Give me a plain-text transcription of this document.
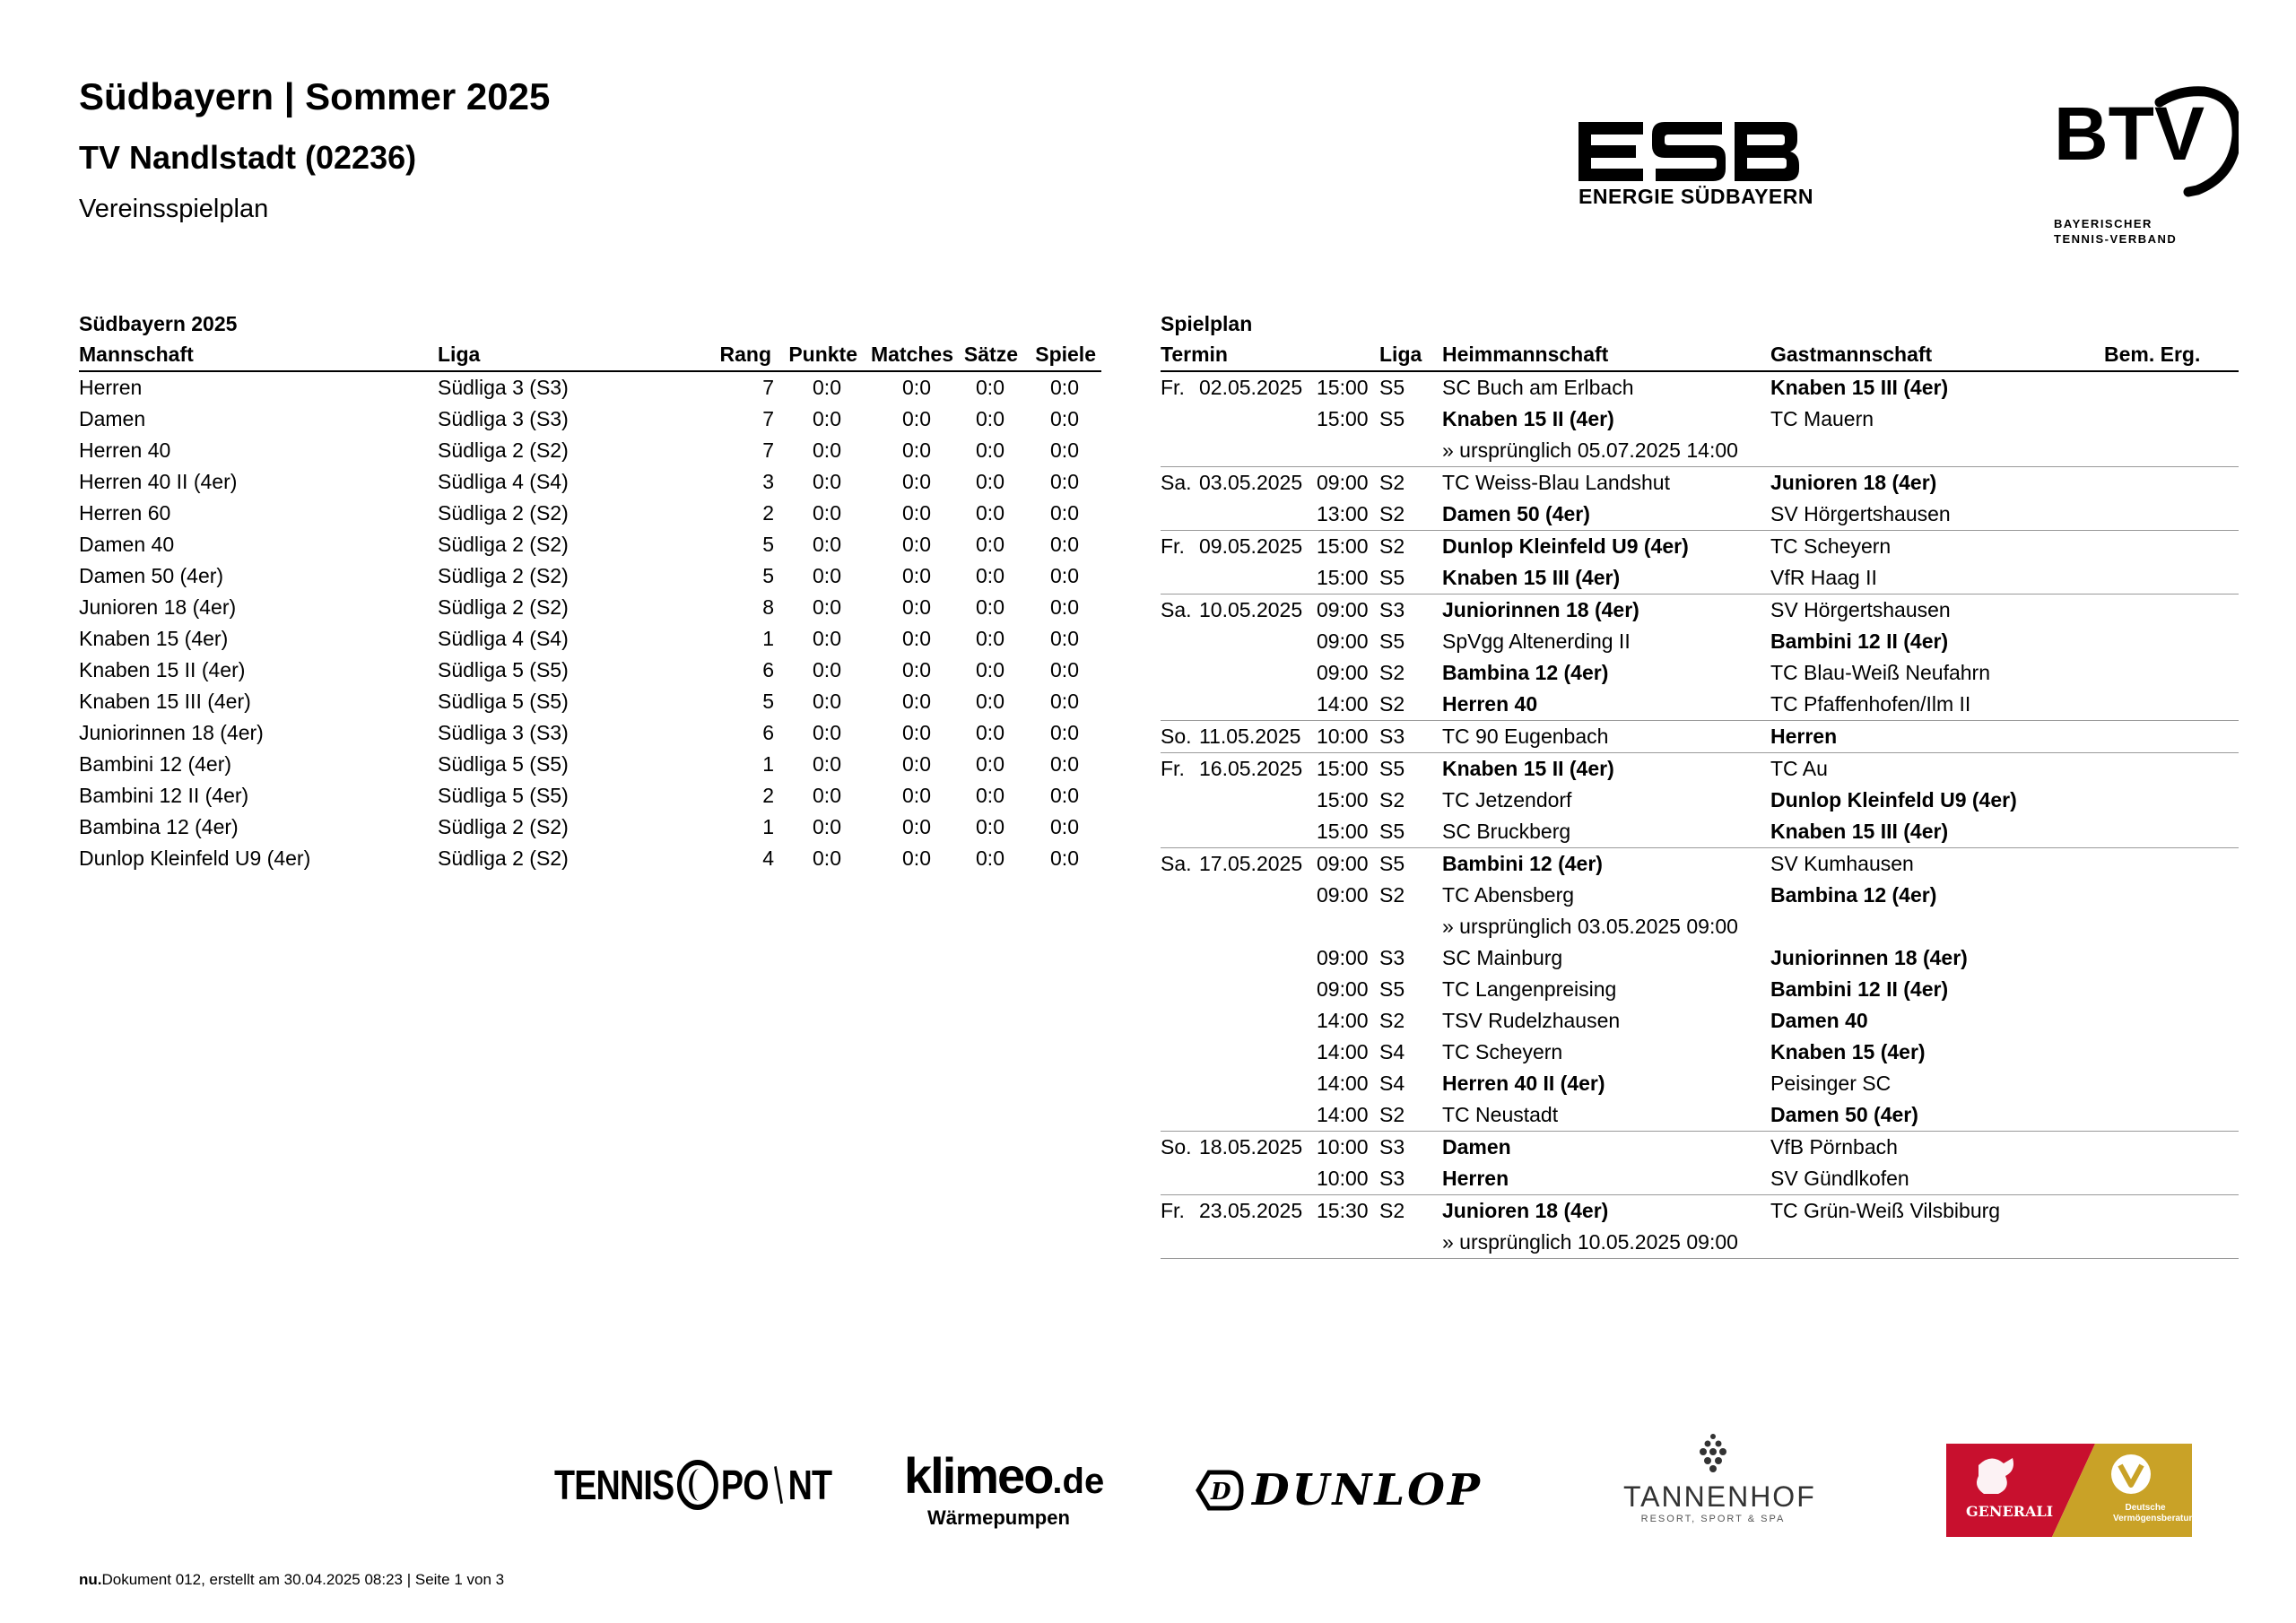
Südbayern | Sommer 2025
TV Nandlstadt (02236)
Vereinsspielplan	ENERGIE SÜDBAYERN
BTV
BAYERISCHER
TENNIS-VERBAND
Südbayern 2025
Mannschaft	Liga	Rang Punkte Matches Sätze Spiele
Herren	Südliga 3 (S3)	7 0:0	0:0 0:0 0:0
Damen	Südliga 3 (S3)	7 0:0	0:0 0:0 0:0
Herren 40	Südliga 2 (S2)	7 0:0	0:0 0:0 0:0
Herren 40 II (4er)	Südliga 4 (S4)	3 0:0	0:0 0:0 0:0
Herren 60	Südliga 2 (S2)	2 0:0	0:0 0:0 0:0
Damen 40	Südliga 2 (S2)	5 0:0	0:0 0:0 0:0
Damen 50 (4er)	Südliga 2 (S2)	5 0:0	0:0 0:0 0:0
Junioren 18 (4er)	Südliga 2 (S2)	8 0:0	0:0 0:0 0:0
Knaben 15 (4er)	Südliga 4 (S4)	1 0:0	0:0 0:0 0:0
Knaben 15 II (4er)	Südliga 5 (S5)	6 0:0	0:0 0:0 0:0
Knaben 15 III (4er)	Südliga 5 (S5)	5 0:0	0:0 0:0 0:0
Juniorinnen 18 (4er)	Südliga 3 (S3)	6 0:0	0:0 0:0 0:0
Bambini 12 (4er)	Südliga 5 (S5)	1 0:0	0:0 0:0 0:0
Bambini 12 II (4er)	Südliga 5 (S5)	2 0:0	0:0 0:0 0:0
Bambina 12 (4er)	Südliga 2 (S2)	1 0:0	0:0 0:0 0:0
Dunlop Kleinfeld U9 (4er)	Südliga 2 (S2)	4 0:0	0:0 0:0 0:0
Spielplan
Termin	Liga Heimmannschaft	Gastmannschaft	Bem. Erg.
Fr. 02.05.2025 15:00 S5 SC Buch am Erlbach	Knaben 15 III (4er)
15:00 S5 Knaben 15 II (4er)	TC Mauern
» ursprünglich 05.07.2025 14:00
Sa. 03.05.2025 09:00 S2 TC Weiss-Blau Landshut	Junioren 18 (4er)
13:00 S2 Damen 50 (4er)	SV Hörgertshausen
Fr. 09.05.2025 15:00 S2 Dunlop Kleinfeld U9 (4er)	TC Scheyern
15:00 S5 Knaben 15 III (4er)	VfR Haag II
Sa. 10.05.2025 09:00 S3 Juniorinnen 18 (4er)	SV Hörgertshausen
09:00 S5 SpVgg Altenerding II	Bambini 12 II (4er)
09:00 S2 Bambina 12 (4er)	TC Blau-Weiß Neufahrn
14:00 S2 Herren 40	TC Pfaffenhofen/Ilm II
So. 11.05.2025 10:00 S3 TC 90 Eugenbach	Herren
Fr. 16.05.2025 15:00 S5 Knaben 15 II (4er)	TC Au
15:00 S2 TC Jetzendorf	Dunlop Kleinfeld U9 (4er)
15:00 S5 SC Bruckberg	Knaben 15 III (4er)
Sa. 17.05.2025 09:00 S5 Bambini 12 (4er)	SV Kumhausen
09:00 S2 TC Abensberg	Bambina 12 (4er)
» ursprünglich 03.05.2025 09:00
09:00 S3 SC Mainburg	Juniorinnen 18 (4er)
09:00 S5 TC Langenpreising	Bambini 12 II (4er)
14:00 S2 TSV Rudelzhausen	Damen 40
14:00 S4 TC Scheyern	Knaben 15 (4er)
14:00 S4 Herren 40 II (4er)	Peisinger SC
14:00 S2 TC Neustadt	Damen 50 (4er)
So. 18.05.2025 10:00 S3 Damen	VfB Pörnbach
10:00 S3 Herren	SV Gündlkofen
Fr. 23.05.2025 15:30 S2 Junioren 18 (4er)	TC Grün-Weiß Vilsbiburg
» ursprünglich 10.05.2025 09:00
TENNIS PO
ᛁ
NT klimeo.de
Wärmepumpen
D DUNLOP	TANNENHOF
RESORT, SPORT & SPA	GENERALI	Deutsche
Vermögensberatung
nu.Dokument 012, erstellt am 30.04.2025 08:23 | Seite 1 von 3
